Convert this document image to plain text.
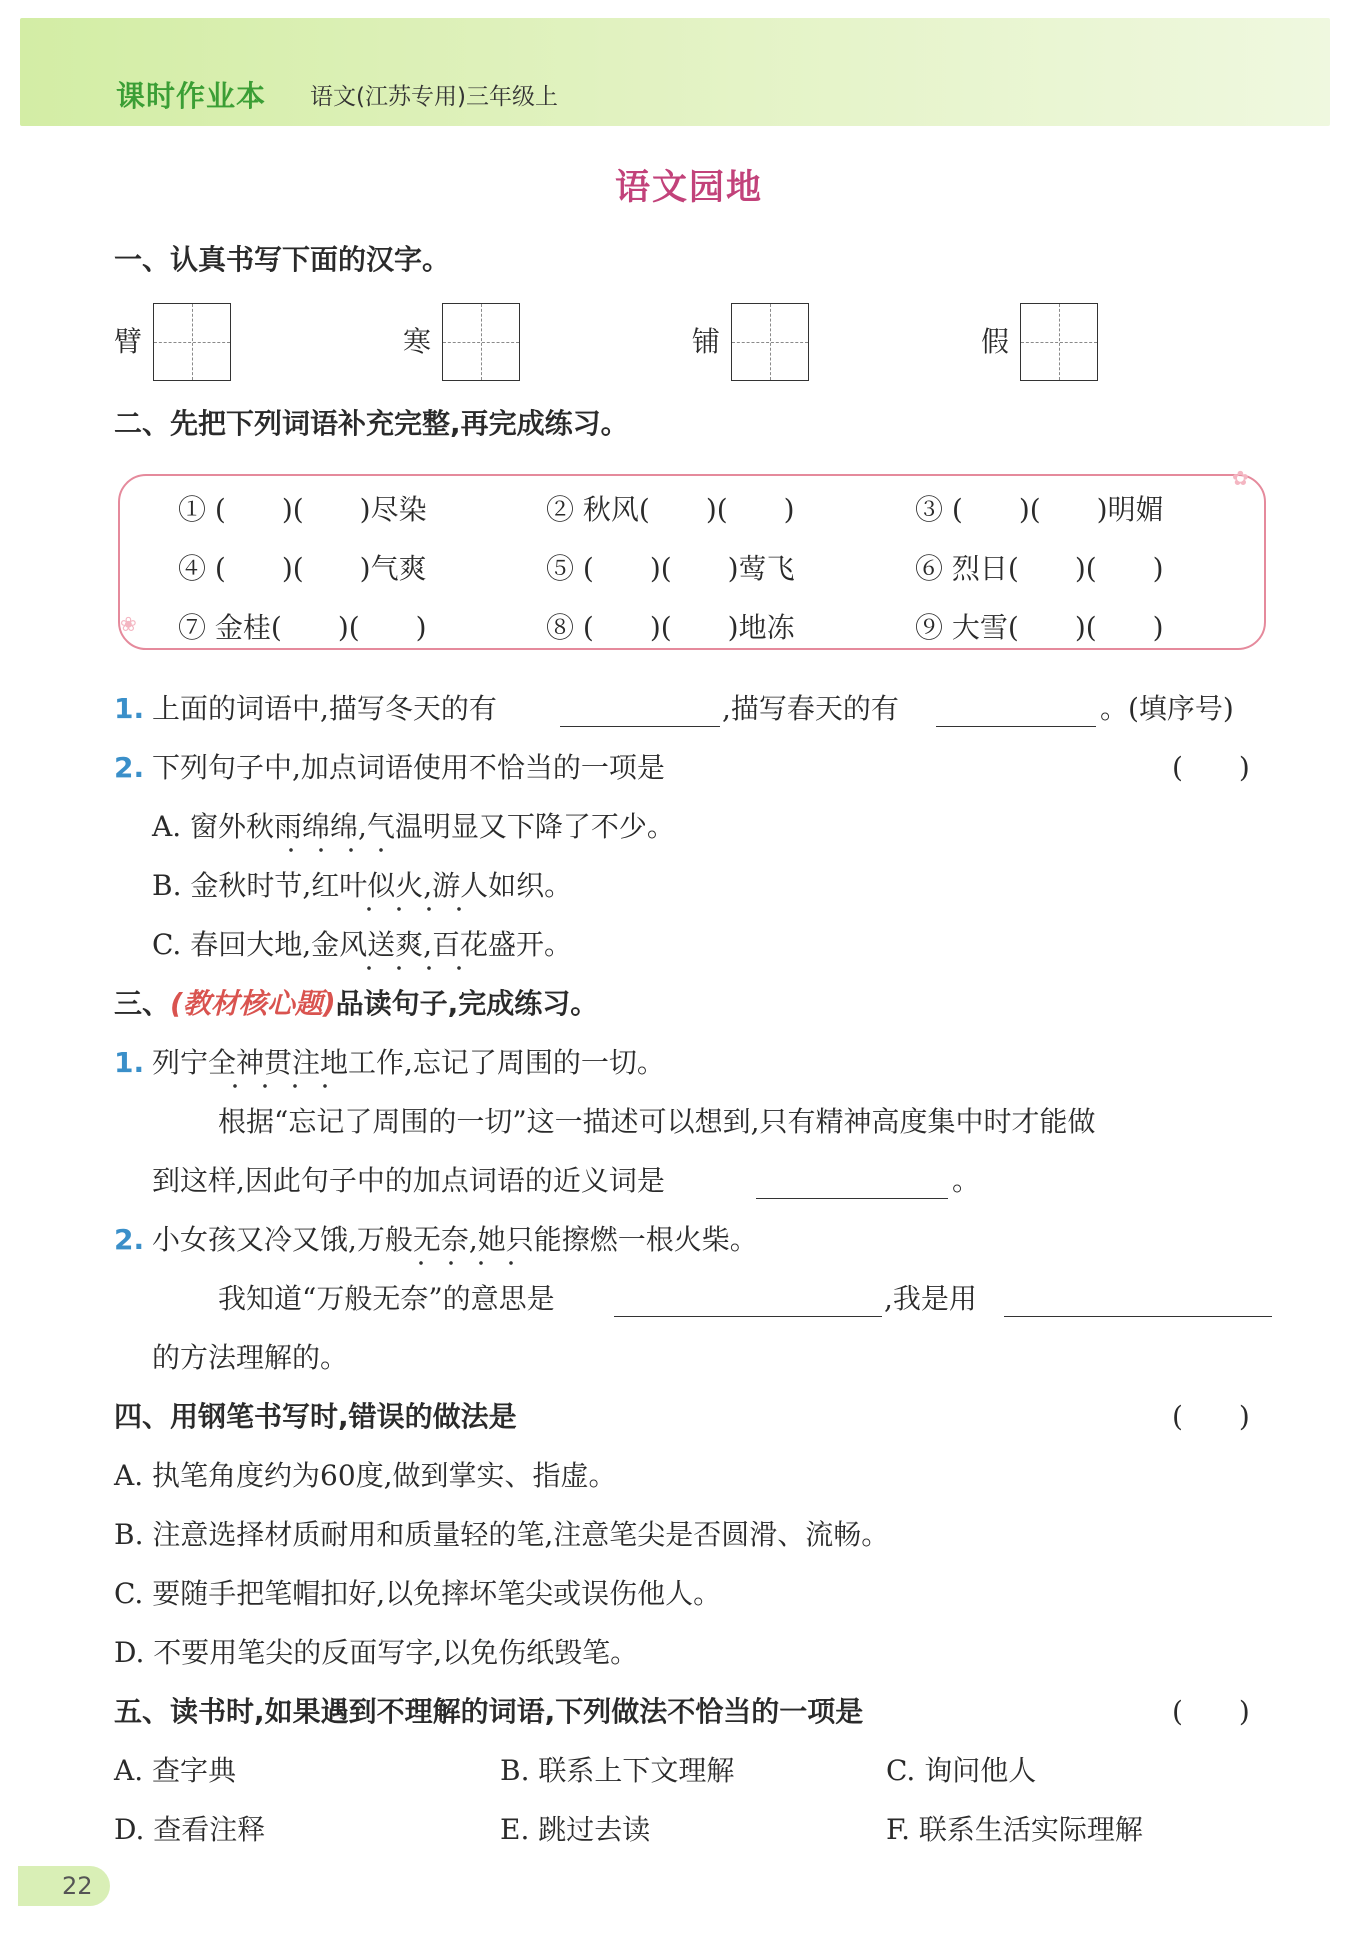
课时作业本 语文(江苏专用)三年级上
语文园地
一、认真书写下面的汉字。
臂	寒	铺	假
二、先把下列词语补充完整,再完成练习。
❀
✿
① (　　)(　　)尽染	② 秋风(　　)(　　)	③ (　　)(　　)明媚
④ (　　)(　　)气爽	⑤ (　　)(　　)莺飞	⑥ 烈日(　　)(　　)
⑦ 金桂(　　)(　　)	⑧ (　　)(　　)地冻	⑨ 大雪(　　)(　　)
1. 上面的词语中,描写冬天的有	,描写春天的有	。(填序号)
2. 下列句子中,加点词语使用不恰当的一项是	(　　)
A. 窗外秋雨绵绵,气温明显又下降了不少。
B. 金秋时节,红叶似火,游人如织。
C. 春回大地,金风送爽,百花盛开。
三、(教材核心题)品读句子,完成练习。
1. 列宁全神贯注地工作,忘记了周围的一切。
根据“忘记了周围的一切”这一描述可以想到,只有精神高度集中时才能做
到这样,因此句子中的加点词语的近义词是	。
2. 小女孩又冷又饿,万般无奈,她只能擦燃一根火柴。
我知道“万般无奈”的意思是	,我是用
的方法理解的。
四、用钢笔书写时,错误的做法是	(　　)
A. 执笔角度约为60度,做到掌实、指虚。
B. 注意选择材质耐用和质量轻的笔,注意笔尖是否圆滑、流畅。
C. 要随手把笔帽扣好,以免摔坏笔尖或误伤他人。
D. 不要用笔尖的反面写字,以免伤纸毁笔。
五、读书时,如果遇到不理解的词语,下列做法不恰当的一项是	(　　)
A. 查字典	B. 联系上下文理解	C. 询问他人
D. 查看注释	E. 跳过去读	F. 联系生活实际理解
22
